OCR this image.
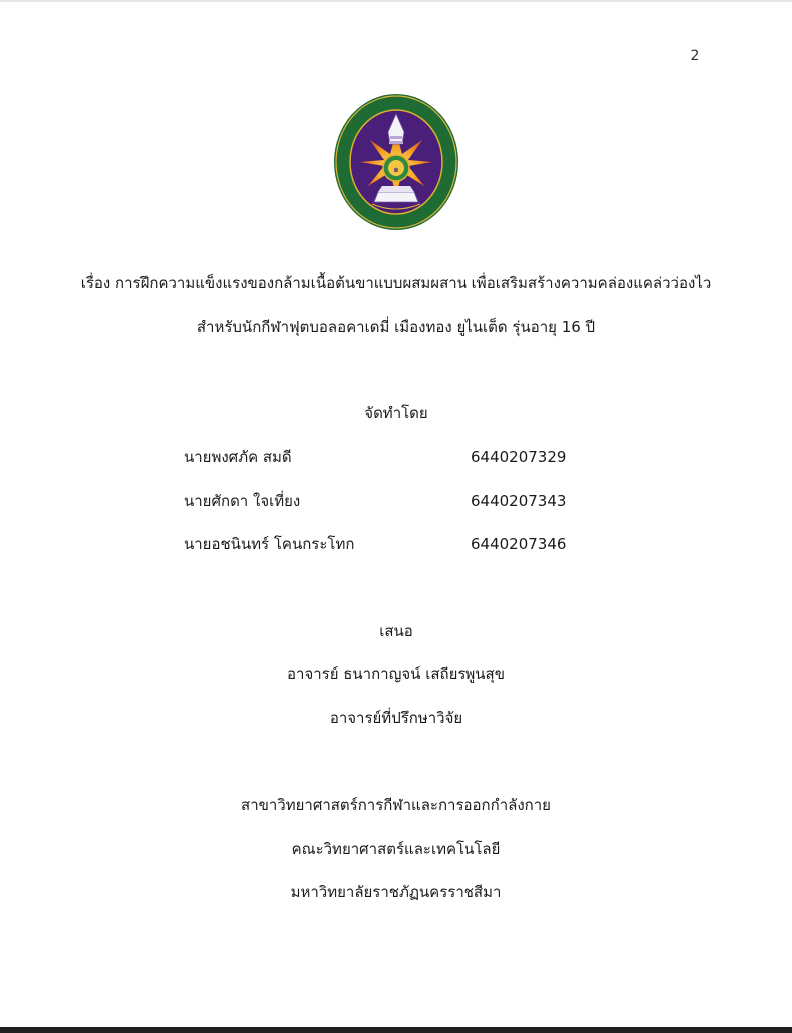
2
๑
เรื่อง การฝึกความแข็งแรงของกล้ามเนื้อต้นขาแบบผสมผสาน เพื่อเสริมสร้างความคล่องแคล่วว่องไว
สำหรับนักกีฬาฟุตบอลอคาเดมี่ เมืองทอง ยูไนเต็ด รุ่นอายุ 16 ปี
จัดทำโดย
นายพงศภัค สมดี	6440207329
นายศักดา ใจเที่ยง	6440207343
นายอชนินทร์ โคนกระโทก	6440207346
เสนอ
อาจารย์ ธนากาญจน์ เสถียรพูนสุข
อาจารย์ที่ปรึกษาวิจัย
สาขาวิทยาศาสตร์การกีฬาและการออกกำลังกาย
คณะวิทยาศาสตร์และเทคโนโลยี
มหาวิทยาลัยราชภัฏนครราชสีมา
